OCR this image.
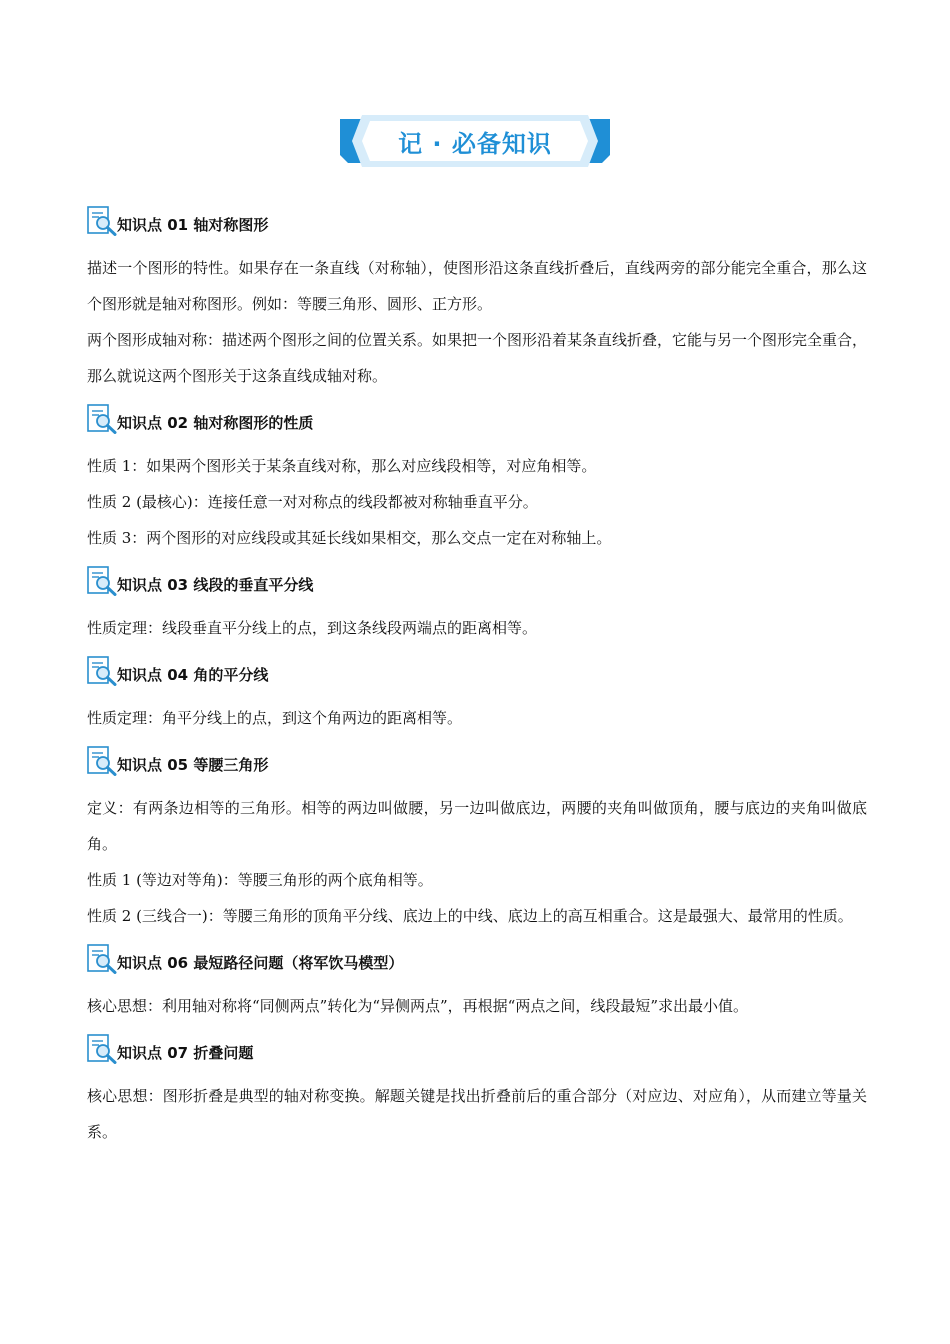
记 · 必备知识
知识点 01 轴对称图形

描述一个图形的特性。如果存在一条直线（对称轴），使图形沿这条直线折叠后，直线两旁的部分能完全重合，那么这个图形就是轴对称图形。例如：等腰三角形、圆形、正方形。

两个图形成轴对称：描述两个图形之间的位置关系。如果把一个图形沿着某条直线折叠，它能与另一个图形完全重合，那么就说这两个图形关于这条直线成轴对称。

知识点 02 轴对称图形的性质

性质 1：如果两个图形关于某条直线对称，那么对应线段相等，对应角相等。

性质 2 (最核心)：连接任意一对对称点的线段都被对称轴垂直平分。

性质 3：两个图形的对应线段或其延长线如果相交，那么交点一定在对称轴上。

知识点 03 线段的垂直平分线

性质定理：线段垂直平分线上的点，到这条线段两端点的距离相等。

知识点 04 角的平分线

性质定理：角平分线上的点，到这个角两边的距离相等。

知识点 05 等腰三角形

定义：有两条边相等的三角形。相等的两边叫做腰，另一边叫做底边，两腰的夹角叫做顶角，腰与底边的夹角叫做底角。

性质 1 (等边对等角)：等腰三角形的两个底角相等。

性质 2 (三线合一)：等腰三角形的顶角平分线、底边上的中线、底边上的高互相重合。这是最强大、最常用的性质。

知识点 06 最短路径问题（将军饮马模型）

核心思想：利用轴对称将“同侧两点”转化为“异侧两点”，再根据“两点之间，线段最短”求出最小值。

知识点 07 折叠问题

核心思想：图形折叠是典型的轴对称变换。解题关键是找出折叠前后的重合部分（对应边、对应角），从而建立等量关系。
